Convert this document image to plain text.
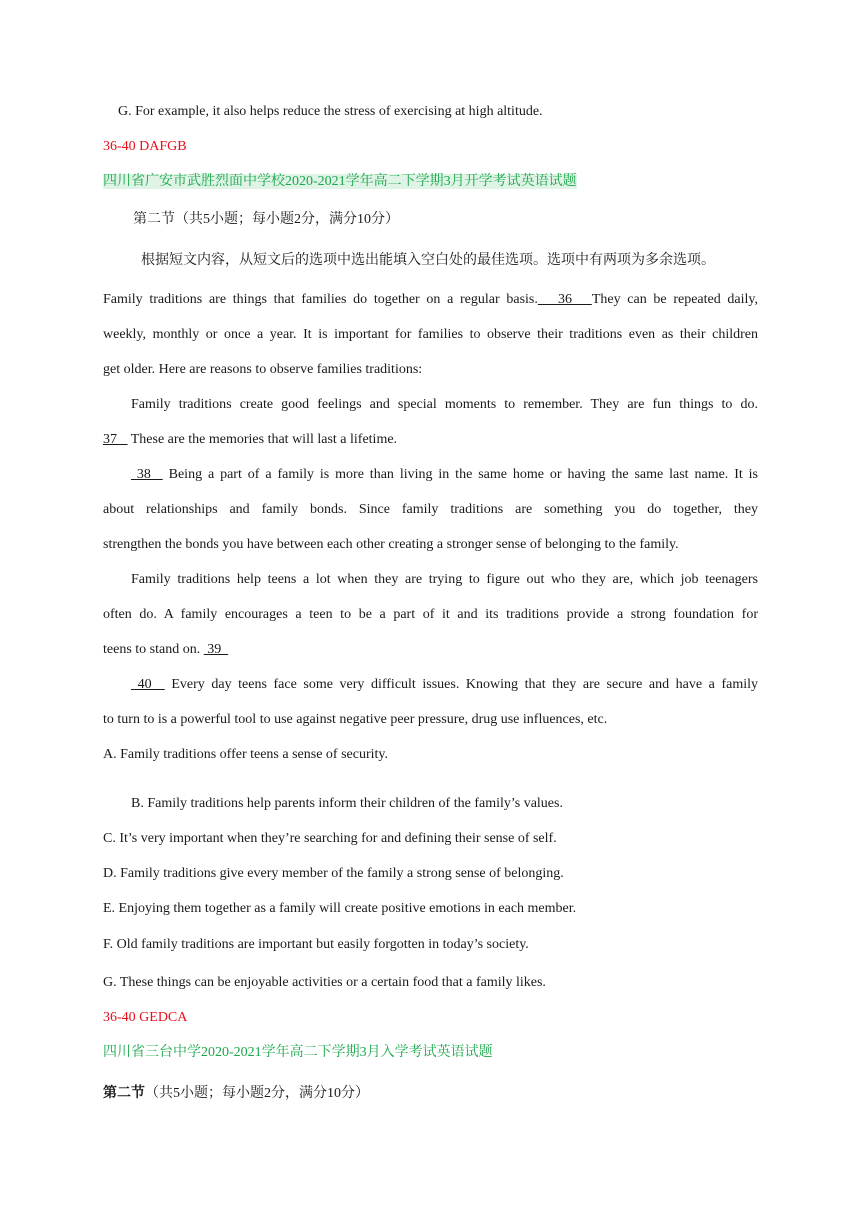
G. For example, it also helps reduce the stress of exercising at high altitude.
36-40 DAFGB
四川省广安市武胜烈面中学校2020-2021学年高二下学期3月开学考试英语试题
第二节（共5小题；每小题2分，满分10分）
根据短文内容，从短文后的选项中选出能填入空白处的最佳选项。选项中有两项为多余选项。
Family traditions are things that families do together on a regular basis.   36   They can be repeated daily,
weekly, monthly or once a year. It is important for families to observe their traditions even as their children
get older. Here are reasons to observe families traditions:
Family traditions create good feelings and special moments to remember. They are fun things to do.
37    These are the memories that will last a lifetime.
38   Being a part of a family is more than living in the same home or having the same last name. It is
about relationships and family bonds. Since family traditions are something you do together, they
strengthen the bonds you have between each other creating a stronger sense of belonging to the family.
Family traditions help teens a lot when they are trying to figure out who they are, which job teenagers
often do. A family encourages a teen to be a part of it and its traditions provide a strong foundation for
teens to stand on.  39
40   Every day teens face some very difficult issues. Knowing that they are secure and have a family
to turn to is a powerful tool to use against negative peer pressure, drug use influences, etc.
A. Family traditions offer teens a sense of security.
B. Family traditions help parents inform their children of the family’s values.
C. It’s very important when they’re searching for and defining their sense of self.
D. Family traditions give every member of the family a strong sense of belonging.
E. Enjoying them together as a family will create positive emotions in each member.
F. Old family traditions are important but easily forgotten in today’s society.
G. These things can be enjoyable activities or a certain food that a family likes.
36-40 GEDCA
四川省三台中学2020-2021学年高二下学期3月入学考试英语试题
第二节（共5小题；每小题2分，满分10分）
